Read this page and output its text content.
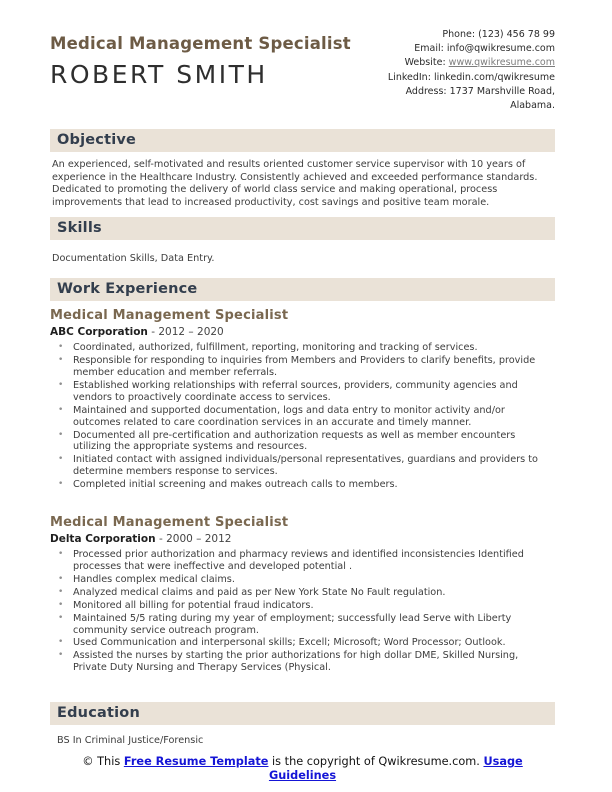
Medical Management Specialist
ROBERT SMITH
Phone: (123) 456 78 99
Email: info@qwikresume.com
Website: www.qwikresume.com
LinkedIn: linkedin.com/qwikresume
Address: 1737 Marshville Road, Alabama.
Objective
An experienced, self-motivated and results oriented customer service supervisor with 10 years of experience in the Healthcare Industry. Consistently achieved and exceeded performance standards. Dedicated to promoting the delivery of world class service and making operational, process improvements that lead to increased productivity, cost savings and positive team morale.
Skills
Documentation Skills, Data Entry.
Work Experience
Medical Management Specialist
ABC Corporation - 2012 – 2020
• Coordinated, authorized, fulfillment, reporting, monitoring and tracking of services.
• Responsible for responding to inquiries from Members and Providers to clarify benefits, provide member education and member referrals.
• Established working relationships with referral sources, providers, community agencies and vendors to proactively coordinate access to services.
• Maintained and supported documentation, logs and data entry to monitor activity and/or outcomes related to care coordination services in an accurate and timely manner.
• Documented all pre-certification and authorization requests as well as member encounters utilizing the appropriate systems and resources.
• Initiated contact with assigned individuals/personal representatives, guardians and providers to determine members response to services.
• Completed initial screening and makes outreach calls to members.
Medical Management Specialist
Delta Corporation - 2000 – 2012
• Processed prior authorization and pharmacy reviews and identified inconsistencies Identified processes that were ineffective and developed potential .
• Handles complex medical claims.
• Analyzed medical claims and paid as per New York State No Fault regulation.
• Monitored all billing for potential fraud indicators.
• Maintained 5/5 rating during my year of employment; successfully lead Serve with Liberty community service outreach program.
• Used Communication and interpersonal skills; Excell; Microsoft; Word Processor; Outlook.
• Assisted the nurses by starting the prior authorizations for high dollar DME, Skilled Nursing, Private Duty Nursing and Therapy Services (Physical.
Education
BS In Criminal Justice/Forensic
© This Free Resume Template is the copyright of Qwikresume.com. Usage Guidelines
